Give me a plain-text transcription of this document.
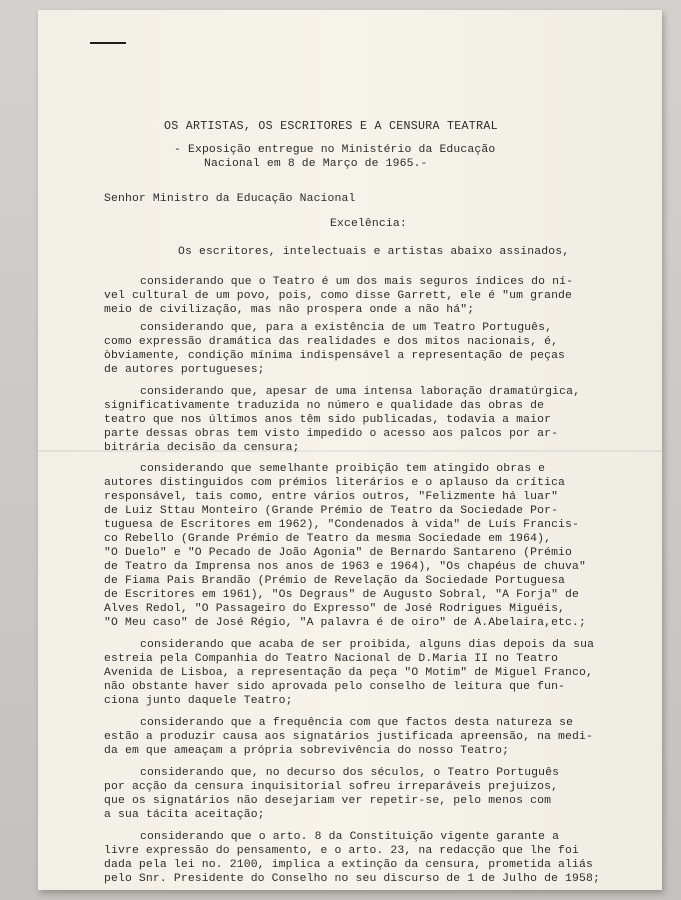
OS ARTISTAS, OS ESCRITORES E A CENSURA TEATRAL
- Exposição entregue no Ministério da Educação
Nacional em 8 de Março de 1965.-
Senhor Ministro da Educação Nacional
Excelência:
Os escritores, intelectuais e artistas abaixo assinados,
considerando que o Teatro é um dos mais seguros índices do ní-
vel cultural de um povo, pois, como disse Garrett, ele é "um grande
meio de civilização, mas não prospera onde a não há";
considerando que, para a existência de um Teatro Português,
como expressão dramática das realidades e dos mitos nacionais, é,
òbviamente, condição mínima indispensável a representação de peças
de autores portugueses;
considerando que, apesar de uma intensa laboração dramatúrgica,
significativamente traduzida no número e qualidade das obras de
teatro que nos últimos anos têm sido publicadas, todavia a maior
parte dessas obras tem visto impedido o acesso aos palcos por ar-
bitrária decisão da censura;
considerando que semelhante proibição tem atingido obras e
autores distinguidos com prémios literários e o aplauso da crítica
responsável, tais como, entre vários outros, "Felizmente há luar"
de Luiz Sttau Monteiro (Grande Prémio de Teatro da Sociedade Por-
tuguesa de Escritores em 1962), "Condenados à vida" de Luís Francis-
co Rebello (Grande Prémio de Teatro da mesma Sociedade em 1964),
"O Duelo" e "O Pecado de João Agonia" de Bernardo Santareno (Prémio
de Teatro da Imprensa nos anos de 1963 e 1964), "Os chapéus de chuva"
de Fiama Pais Brandão (Prémio de Revelação da Sociedade Portuguesa
de Escritores em 1961), "Os Degraus" de Augusto Sobral, "A Forja" de
Alves Redol, "O Passageiro do Expresso" de José Rodrigues Miguéis,
"O Meu caso" de José Régio, "A palavra é de oiro" de A.Abelaira,etc.;
considerando que acaba de ser proibida, alguns dias depois da sua
estreia pela Companhia do Teatro Nacional de D.Maria II no Teatro
Avenida de Lisboa, a representação da peça "O Motim" de Miguel Franco,
não obstante haver sido aprovada pelo conselho de leitura que fun-
ciona junto daquele Teatro;
considerando que a frequência com que factos desta natureza se
estão a produzir causa aos signatários justificada apreensão, na medi-
da em que ameaçam a própria sobrevivência do nosso Teatro;
considerando que, no decurso dos séculos, o Teatro Português
por acção da censura inquisitorial sofreu irreparáveis prejuizos,
que os signatários não desejariam ver repetir-se, pelo menos com
a sua tácita aceitação;
considerando que o arto. 8 da Constituição vigente garante a
livre expressão do pensamento, e o arto. 23, na redacção que lhe foi
dada pela lei no. 2100, implica a extinção da censura, prometida aliás
pelo Snr. Presidente do Conselho no seu discurso de 1 de Julho de 1958;
